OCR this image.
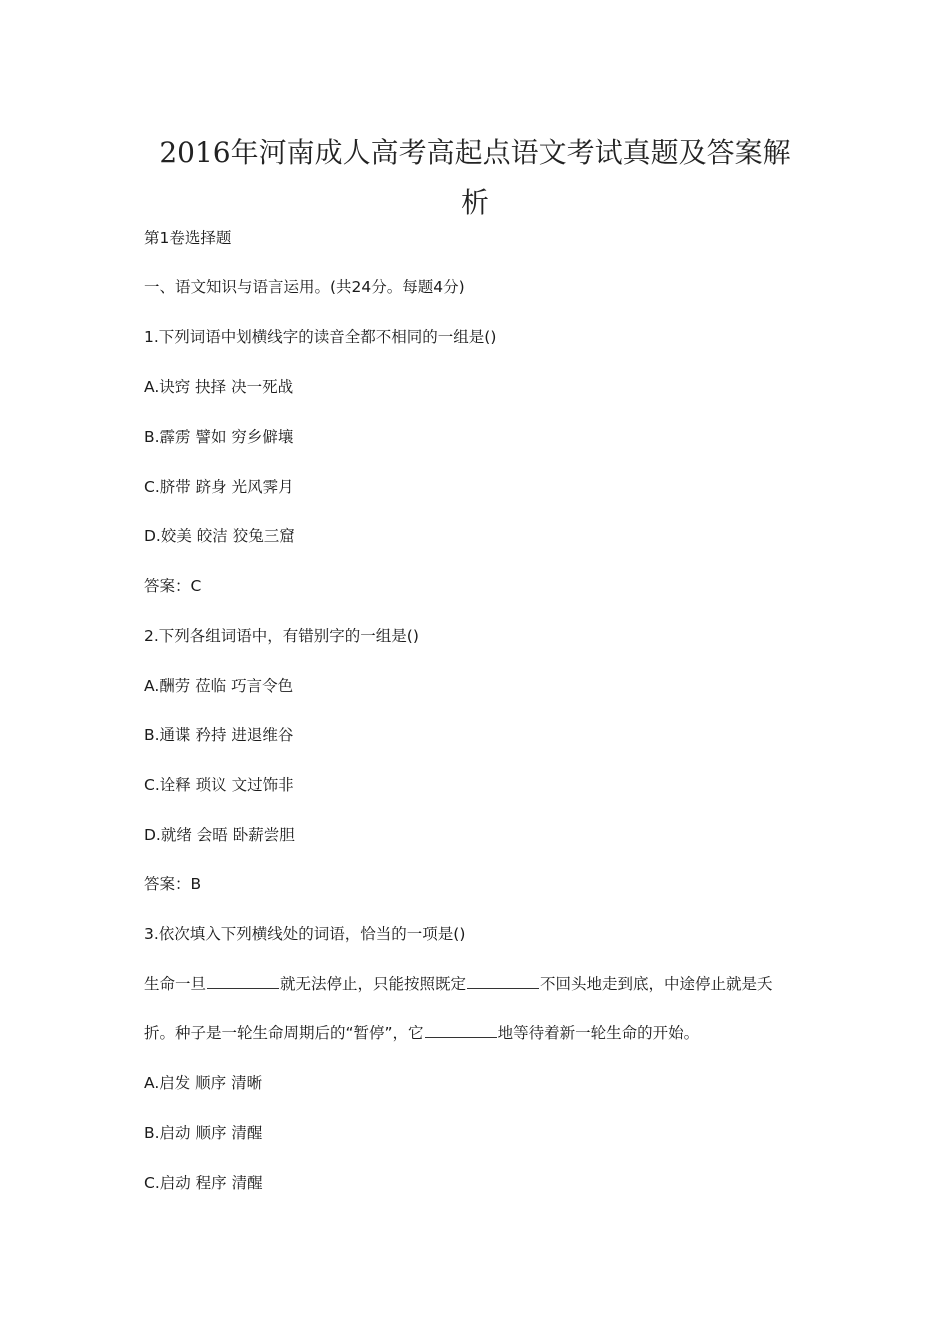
2016年河南成人高考高起点语文考试真题及答案解析
第1卷选择题
一、语文知识与语言运用。(共24分。每题4分)
1.下列词语中划横线字的读音全都不相同的一组是()
A.诀窍 抉择 决一死战
B.霹雳 譬如 穷乡僻壤
C.脐带 跻身 光风霁月
D.姣美 皎洁 狡兔三窟
答案：C
2.下列各组词语中，有错别字的一组是()
A.酬劳 莅临 巧言令色
B.通谍 矜持 进退维谷
C.诠释 琐议 文过饰非
D.就绪 会晤 卧薪尝胆
答案：B
3.依次填入下列横线处的词语，恰当的一项是()
生命一旦	就无法停止，只能按照既定	不回头地走到底，中途停止就是夭
折。种子是一轮生命周期后的“暂停”，它	地等待着新一轮生命的开始。
A.启发 顺序 清晰
B.启动 顺序 清醒
C.启动 程序 清醒
